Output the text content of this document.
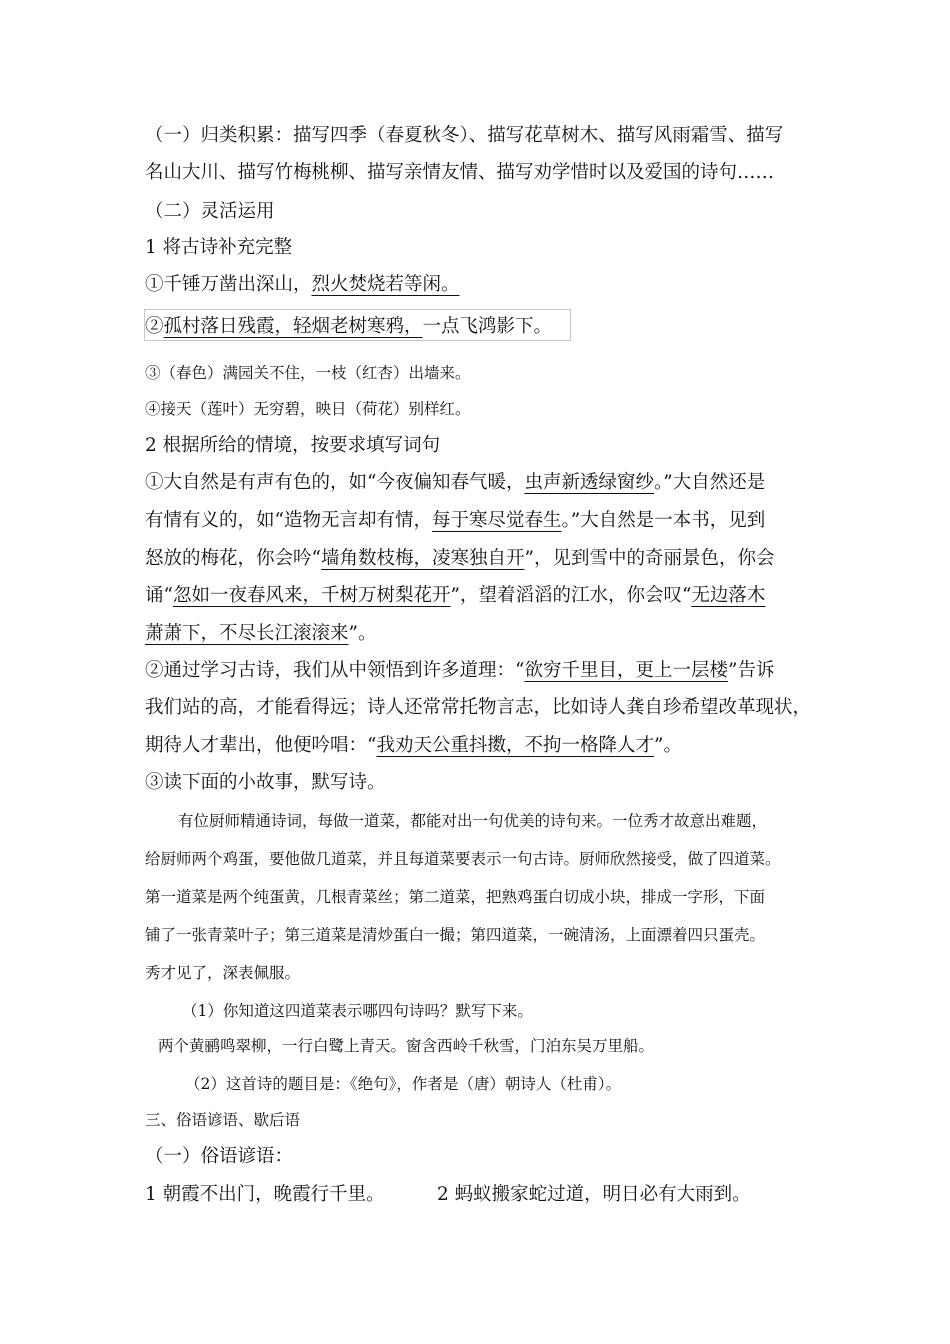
（一）归类积累：描写四季（春夏秋冬）、描写花草树木、描写风雨霜雪、描写
名山大川、描写竹梅桃柳、描写亲情友情、描写劝学惜时以及爱国的诗句……
（二）灵活运用
1 将古诗补充完整
①千锤万凿出深山，烈火焚烧若等闲。
②孤村落日残霞，轻烟老树寒鸦，一点飞鸿影下。
③（春色）满园关不住，一枝（红杏）出墙来。
④接天（莲叶）无穷碧，映日（荷花）别样红。
2 根据所给的情境，按要求填写词句
①大自然是有声有色的，如“今夜偏知春气暖，虫声新透绿窗纱。”大自然还是
有情有义的，如“造物无言却有情，每于寒尽觉春生。”大自然是一本书，见到
怒放的梅花，你会吟“墙角数枝梅，凌寒独自开”，见到雪中的奇丽景色，你会
诵“忽如一夜春风来，千树万树梨花开”，望着滔滔的江水，你会叹“无边落木
萧萧下，不尽长江滚滚来”。
②通过学习古诗，我们从中领悟到许多道理：“欲穷千里目，更上一层楼”告诉
我们站的高，才能看得远；诗人还常常托物言志，比如诗人龚自珍希望改革现状，
期待人才辈出，他便吟唱：“我劝天公重抖擞，不拘一格降人才”。
③读下面的小故事，默写诗。
有位厨师精通诗词，每做一道菜，都能对出一句优美的诗句来。一位秀才故意出难题，
给厨师两个鸡蛋，要他做几道菜，并且每道菜要表示一句古诗。厨师欣然接受，做了四道菜。
第一道菜是两个纯蛋黄，几根青菜丝；第二道菜，把熟鸡蛋白切成小块，排成一字形，下面
铺了一张青菜叶子；第三道菜是清炒蛋白一撮；第四道菜，一碗清汤，上面漂着四只蛋壳。
秀才见了，深表佩服。
（1）你知道这四道菜表示哪四句诗吗？默写下来。
两个黄鹂鸣翠柳，一行白鹭上青天。窗含西岭千秋雪，门泊东吴万里船。
（2）这首诗的题目是：《绝句》，作者是（唐）朝诗人（杜甫）。
三、俗语谚语、歇后语
（一）俗语谚语：
1 朝霞不出门，晚霞行千里。	2 蚂蚁搬家蛇过道，明日必有大雨到。
